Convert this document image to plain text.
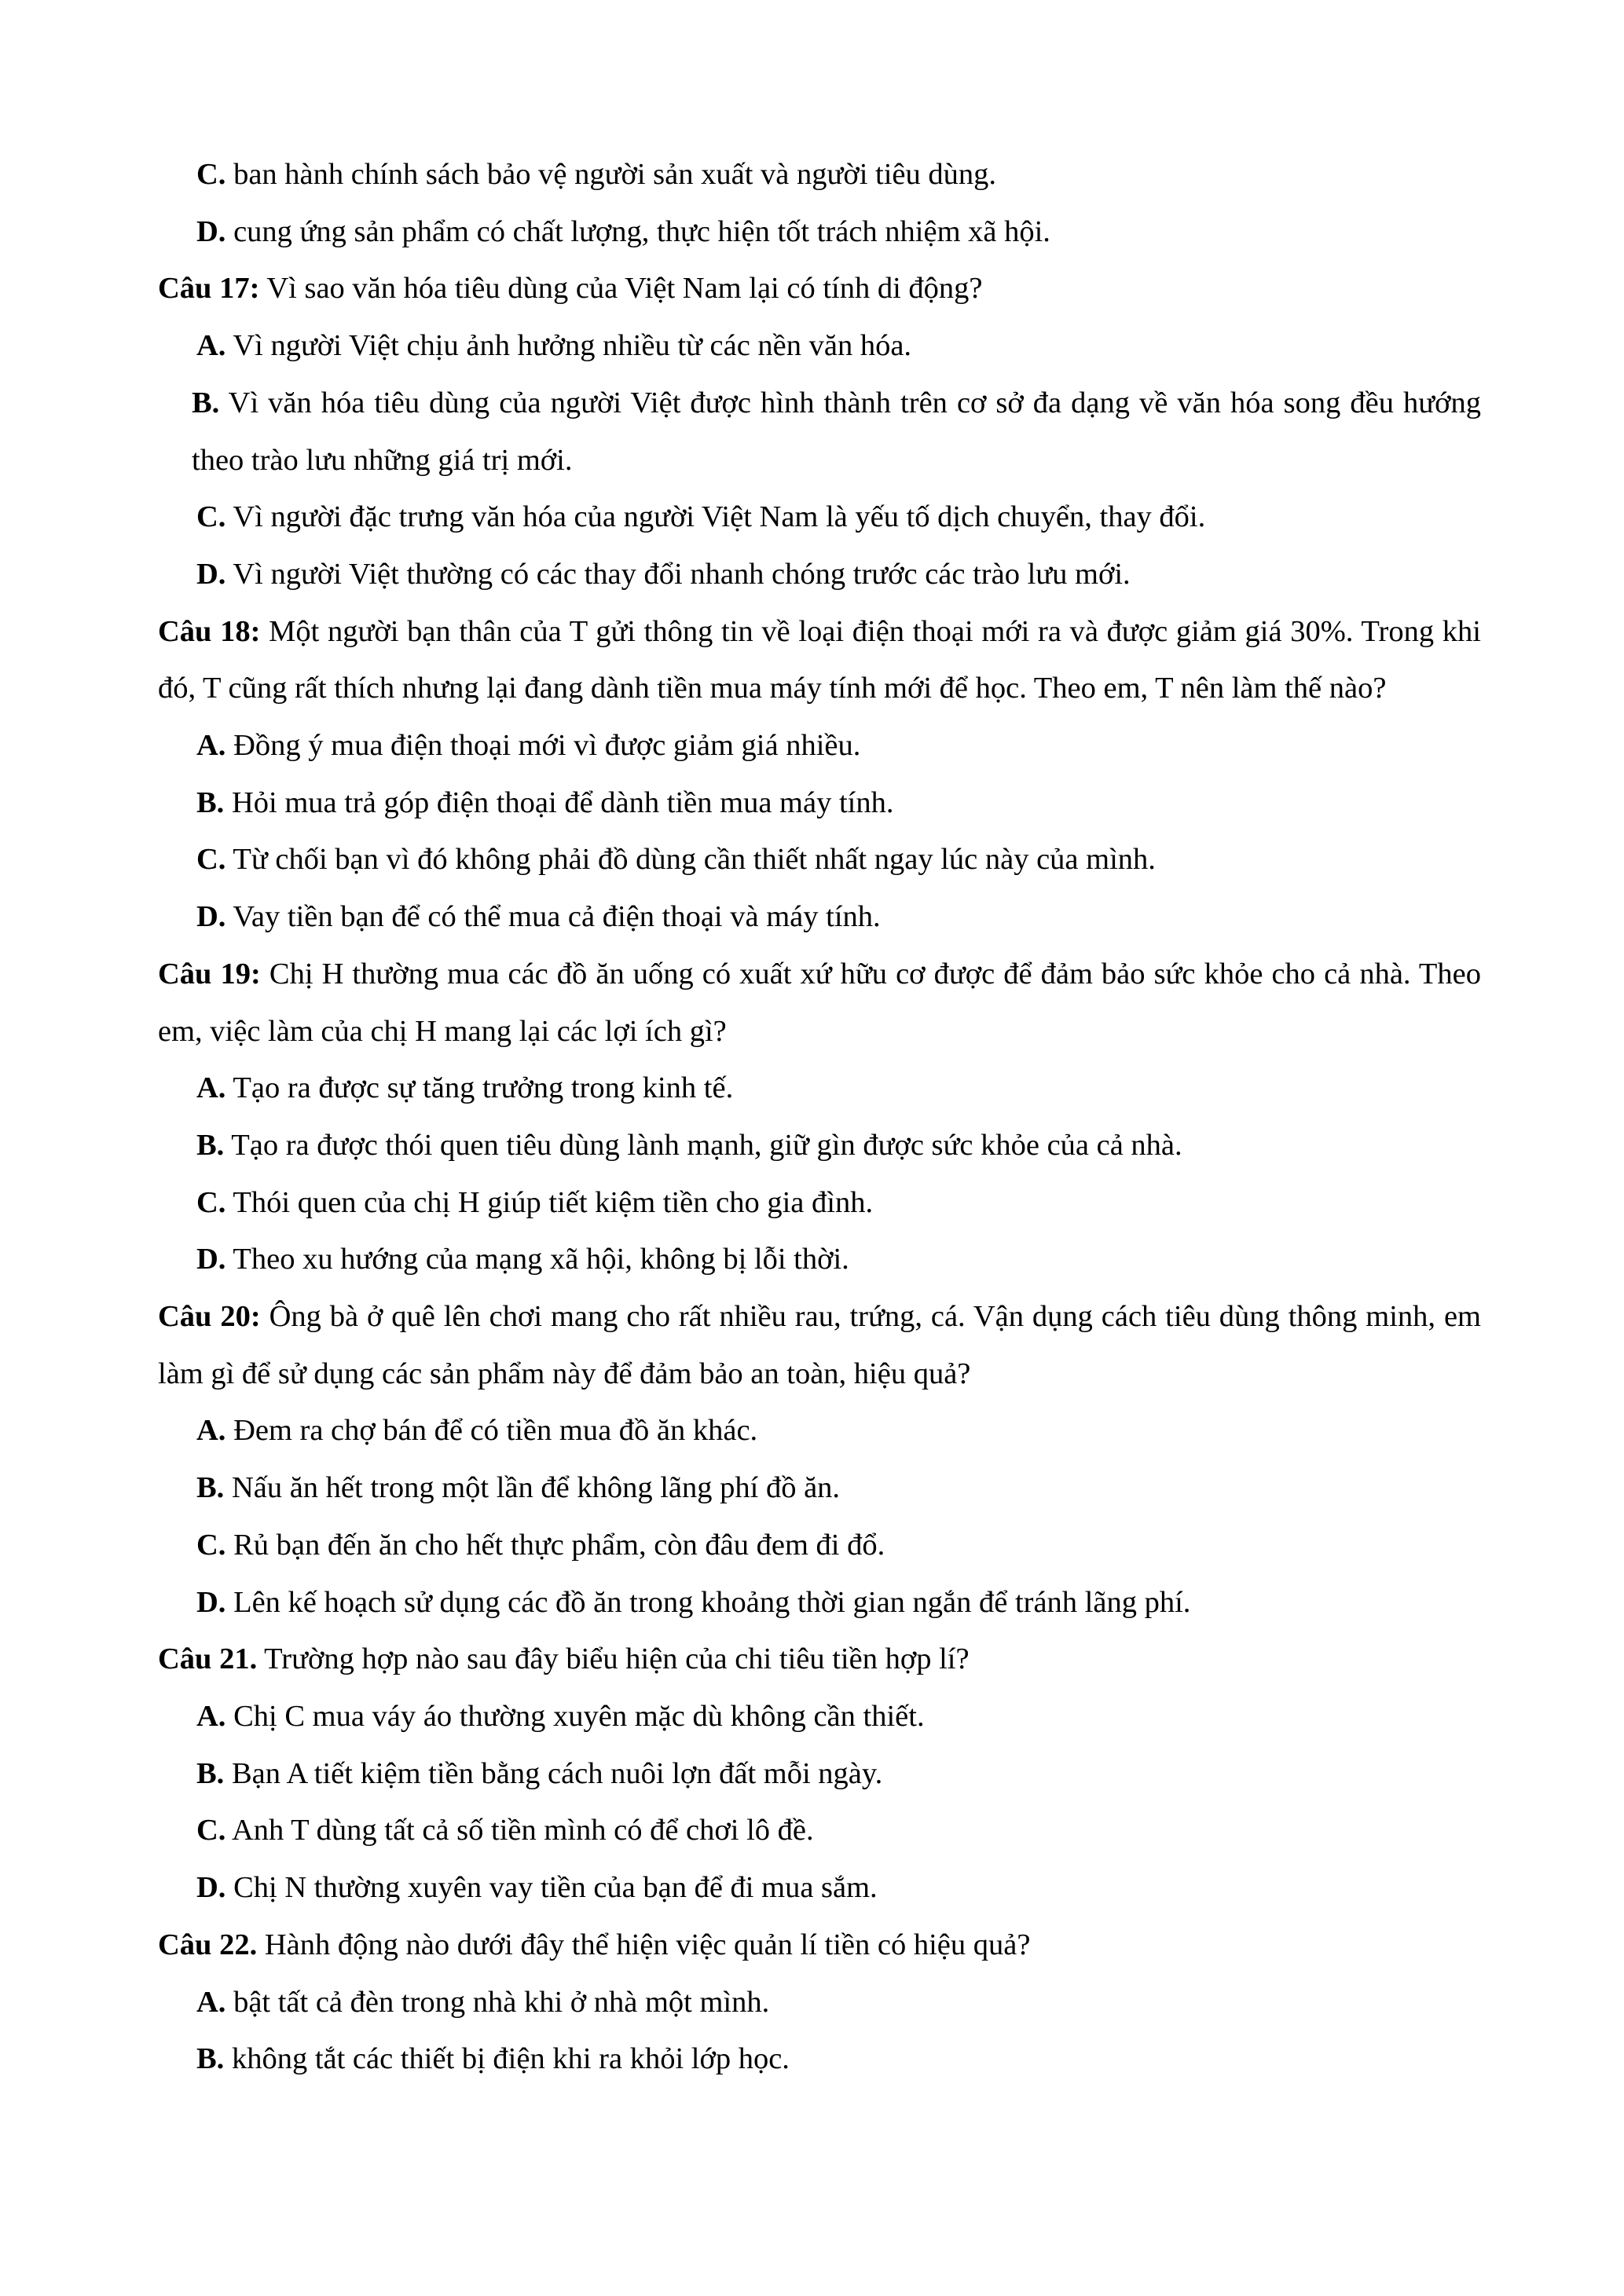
C. ban hành chính sách bảo vệ người sản xuất và người tiêu dùng.

D. cung ứng sản phẩm có chất lượng, thực hiện tốt trách nhiệm xã hội.

Câu 17: Vì sao văn hóa tiêu dùng của Việt Nam lại có tính di động?

A. Vì người Việt chịu ảnh hưởng nhiều từ các nền văn hóa.

B. Vì văn hóa tiêu dùng của người Việt được hình thành trên cơ sở đa dạng về văn hóa song đều hướng theo trào lưu những giá trị mới.

C. Vì người đặc trưng văn hóa của người Việt Nam là yếu tố dịch chuyển, thay đổi.

D. Vì người Việt thường có các thay đổi nhanh chóng trước các trào lưu mới.

Câu 18: Một người bạn thân của T gửi thông tin về loại điện thoại mới ra và được giảm giá 30%. Trong khi đó, T cũng rất thích nhưng lại đang dành tiền mua máy tính mới để học. Theo em, T nên làm thế nào?

A. Đồng ý mua điện thoại mới vì được giảm giá nhiều.

B. Hỏi mua trả góp điện thoại để dành tiền mua máy tính.

C. Từ chối bạn vì đó không phải đồ dùng cần thiết nhất ngay lúc này của mình.

D. Vay tiền bạn để có thể mua cả điện thoại và máy tính.

Câu 19: Chị H thường mua các đồ ăn uống có xuất xứ hữu cơ được để đảm bảo sức khỏe cho cả nhà. Theo em, việc làm của chị H mang lại các lợi ích gì?

A. Tạo ra được sự tăng trưởng trong kinh tế.

B. Tạo ra được thói quen tiêu dùng lành mạnh, giữ gìn được sức khỏe của cả nhà.

C. Thói quen của chị H giúp tiết kiệm tiền cho gia đình.

D. Theo xu hướng của mạng xã hội, không bị lỗi thời.

Câu 20: Ông bà ở quê lên chơi mang cho rất nhiều rau, trứng, cá. Vận dụng cách tiêu dùng thông minh, em làm gì để sử dụng các sản phẩm này để đảm bảo an toàn, hiệu quả?

A. Đem ra chợ bán để có tiền mua đồ ăn khác.

B. Nấu ăn hết trong một lần để không lãng phí đồ ăn.

C. Rủ bạn đến ăn cho hết thực phẩm, còn đâu đem đi đổ.

D. Lên kế hoạch sử dụng các đồ ăn trong khoảng thời gian ngắn để tránh lãng phí.

Câu 21. Trường hợp nào sau đây biểu hiện của chi tiêu tiền hợp lí?

A. Chị C mua váy áo thường xuyên mặc dù không cần thiết.

B. Bạn A tiết kiệm tiền bằng cách nuôi lợn đất mỗi ngày.

C. Anh T dùng tất cả số tiền mình có để chơi lô đề.

D. Chị N thường xuyên vay tiền của bạn để đi mua sắm.

Câu 22. Hành động nào dưới đây thể hiện việc quản lí tiền có hiệu quả?

A. bật tất cả đèn trong nhà khi ở nhà một mình.

B. không tắt các thiết bị điện khi ra khỏi lớp học.
